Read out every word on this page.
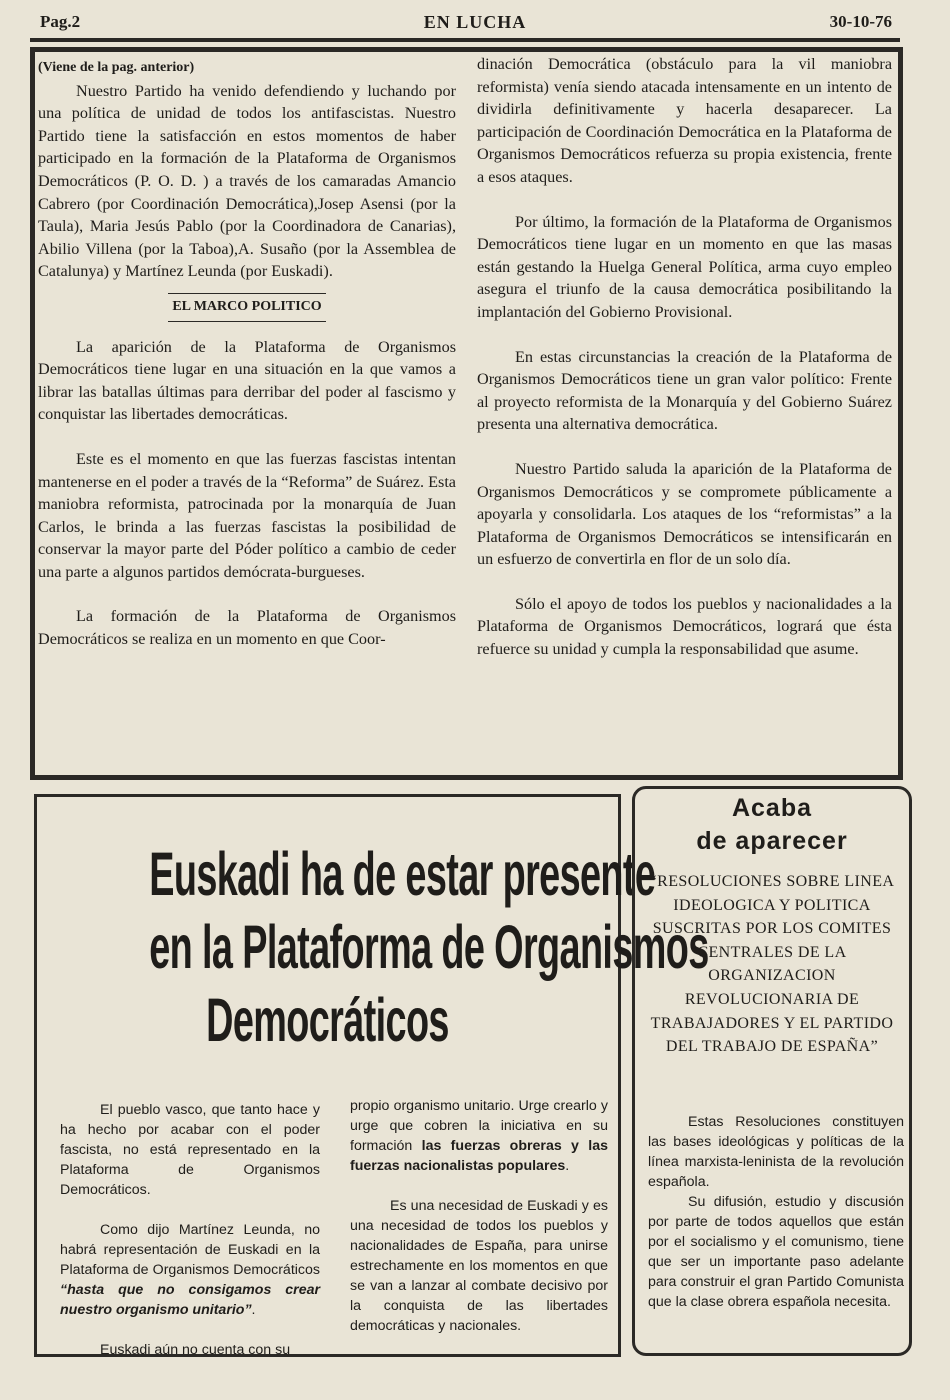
Pag.2	EN LUCHA	30-10-76

(Viene de la pag. anterior)

Nuestro Partido ha venido defendiendo y luchando por una política de unidad de todos los antifascistas. Nuestro Partido tiene la satisfacción en estos momentos de haber participado en la formación de la Plataforma de Organismos Democráticos (P. O. D. ) a través de los camaradas Amancio Cabrero (por Coordinación Democrática),Josep Asensi (por la Taula), Maria Jesús Pablo (por la Coordinadora de Canarias), Abilio Villena (por la Taboa),A. Susaño (por la Assemblea de Catalunya) y Martínez Leunda (por Euskadi).

EL MARCO POLITICO

La aparición de la Plataforma de Organismos Democráticos tiene lugar en una situación en la que vamos a librar las batallas últimas para derribar del poder al fascismo y conquistar las libertades democráticas.

Este es el momento en que las fuerzas fascistas intentan mantenerse en el poder a través de la “Reforma” de Suárez. Esta maniobra reformista, patrocinada por la monarquía de Juan Carlos, le brinda a las fuerzas fascistas la posibilidad de conservar la mayor parte del Póder político a cambio de ceder una parte a algunos partidos demócrata-burgueses.

La formación de la Plataforma de Organismos Democráticos se realiza en un momento en que Coor-

dinación Democrática (obstáculo para la vil maniobra reformista) venía siendo atacada intensamente en un intento de dividirla definitivamente y hacerla desaparecer. La participación de Coordinación Democrática en la Plataforma de Organismos Democráticos refuerza su propia existencia, frente a esos ataques.

Por último, la formación de la Plataforma de Organismos Democráticos tiene lugar en un momento en que las masas están gestando la Huelga General Política, arma cuyo empleo asegura el triunfo de la causa democrática posibilitando la implantación del Gobierno Provisional.

En estas circunstancias la creación de la Plataforma de Organismos Democráticos tiene un gran valor político: Frente al proyecto reformista de la Monarquía y del Gobierno Suárez presenta una alternativa democrática.

Nuestro Partido saluda la aparición de la Plataforma de Organismos Democráticos y se compromete públicamente a apoyarla y consolidarla. Los ataques de los “reformistas” a la Plataforma de Organismos Democráticos se intensificarán en un esfuerzo de convertirla en flor de un solo día.

Sólo el apoyo de todos los pueblos y nacionalidades a la Plataforma de Organismos Democráticos, logrará que ésta refuerce su unidad y cumpla la responsabilidad que asume.

Euskadi ha de estar presente
en la Plataforma de Organismos
Democráticos

El pueblo vasco, que tanto hace y ha hecho por acabar con el poder fascista, no está representado en la Plataforma de Organismos Democráticos.

Como dijo Martínez Leunda, no habrá representación de Euskadi en la Plataforma de Organismos Democráticos “hasta que no consigamos crear nuestro organismo unitario”.

Euskadi aún no cuenta con su

propio organismo unitario. Urge crearlo y urge que cobren la iniciativa en su formación las fuerzas obreras y las fuerzas nacionalistas populares.

Es una necesidad de Euskadi y es una necesidad de todos los pueblos y nacionalidades de España, para unirse estrechamente en los momentos en que se van a lanzar al combate decisivo por la conquista de las libertades democráticas y nacionales.

Acaba
de aparecer
“RESOLUCIONES SOBRE LINEA IDEOLOGICA Y POLITICA SUSCRITAS POR LOS COMITES CENTRALES DE LA ORGANIZACION REVOLUCIONARIA DE TRABAJADORES Y EL PARTIDO DEL TRABAJO DE ESPAÑA”

Estas Resoluciones constituyen las bases ideológicas y políticas de la línea marxista-leninista de la revolución española.

Su difusión, estudio y discusión por parte de todos aquellos que están por el socialismo y el comunismo, tiene que ser un importante paso adelante para construir el gran Partido Comunista que la clase obrera española necesita.
